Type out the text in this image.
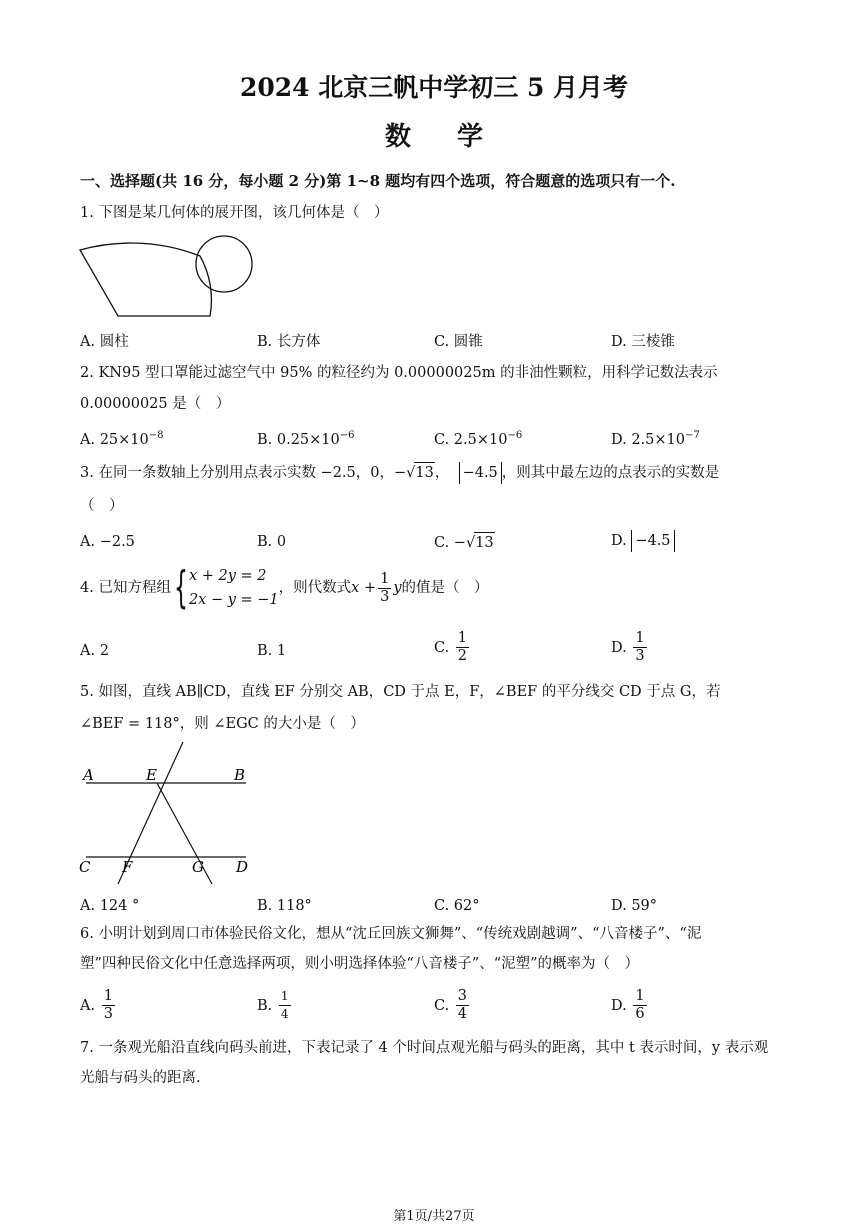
2024 北京三帆中学初三 5 月月考
数学
一、选择题(共 16 分，每小题 2 分)第 1~8 题均有四个选项，符合题意的选项只有一个.
1. 下图是某几何体的展开图，该几何体是（　）
A. 圆柱	B. 长方体	C. 圆锥	D. 三棱锥
2. KN95 型口罩能过滤空气中 95% 的粒径约为 0.00000025m 的非油性颗粒，用科学记数法表示
0.00000025 是（　）
A. $25\times 10^{-8}$	B. $0.25\times 10^{-6}$	C. $2.5\times 10^{-6}$	D. $2.5\times 10^{-7}$
3. 在同一条数轴上分别用点表示实数 −2.5，0，−√13， −4.5 ，则其中最左边的点表示的实数是
（　）
A. −2.5	B. 0	C. −√13	D. −4.5
4. 已知方程组 { x + 2y = 2
2x − y = −1
，则代数式 $x + \frac{1}{3}$ y 的值是（　）
A. 2	B. 1	C.
$\frac{1}{2}$	D.
$\frac{1}{3}$
5. 如图，直线 AB∥CD，直线 EF 分别交 AB，CD 于点 E，F，∠BEF 的平分线交 CD 于点 G，若
∠BEF = 118°，则 ∠EGC 的大小是（　）
A	E	B
C F	G D
A. 124 °	B. 118°	C. 62°	D. 59°
6. 小明计划到周口市体验民俗文化，想从“沈丘回族文狮舞”、“传统戏剧越调”、“八音楼子”、“泥
塑”四种民俗文化中任意选择两项，则小明选择体验“八音楼子”、“泥塑”的概率为（　）
A.
$\frac{1}{3}$	B.
$\frac{1}{4}$	C.
$\frac{3}{4}$	D.
$\frac{1}{6}$
7. 一条观光船沿直线向码头前进，下表记录了 4 个时间点观光船与码头的距离，其中 t 表示时间，y 表示观
光船与码头的距离.
第1页/共27页
